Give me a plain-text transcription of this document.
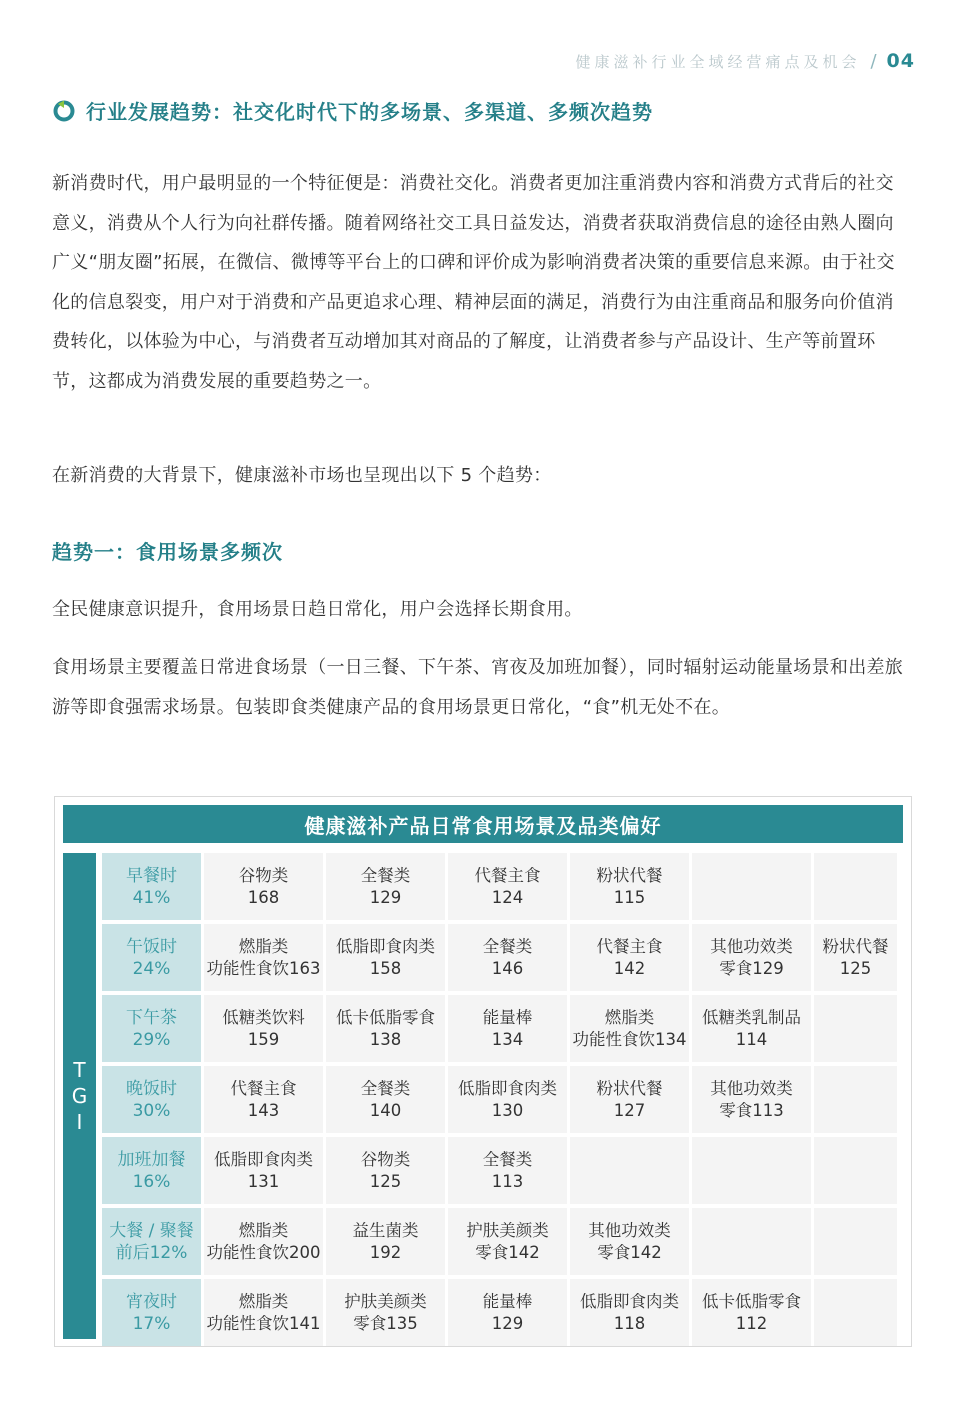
健康滋补行业全域经营痛点及机会 / 04
行业发展趋势：社交化时代下的多场景、多渠道、多频次趋势

新消费时代，用户最明显的一个特征便是：消费社交化。消费者更加注重消费内容和消费方式背后的社交意义，消费从个人行为向社群传播。随着网络社交工具日益发达，消费者获取消费信息的途径由熟人圈向广义“朋友圈”拓展，在微信、微博等平台上的口碑和评价成为影响消费者决策的重要信息来源。由于社交化的信息裂变，用户对于消费和产品更追求心理、精神层面的满足，消费行为由注重商品和服务向价值消费转化，以体验为中心，与消费者互动增加其对商品的了解度，让消费者参与产品设计、生产等前置环节，这都成为消费发展的重要趋势之一。

在新消费的大背景下，健康滋补市场也呈现出以下 5 个趋势：

趋势一：食用场景多频次

全民健康意识提升，食用场景日趋日常化，用户会选择长期食用。

食用场景主要覆盖日常进食场景（一日三餐、下午茶、宵夜及加班加餐），同时辐射运动能量场景和出差旅游等即食强需求场景。包装即食类健康产品的食用场景更日常化，“食”机无处不在。

健康滋补产品日常食用场景及品类偏好
T
G
I
早餐时
41%
谷物类
168
全餐类
129
代餐主食
124
粉状代餐
115
午饭时
24%
燃脂类
功能性食饮163
低脂即食肉类
158
全餐类
146
代餐主食
142
其他功效类
零食129
粉状代餐
125
下午茶
29%
低糖类饮料
159
低卡低脂零食
138
能量棒
134
燃脂类
功能性食饮134
低糖类乳制品
114
晚饭时
30%
代餐主食
143
全餐类
140
低脂即食肉类
130
粉状代餐
127
其他功效类
零食113
加班加餐
16%
低脂即食肉类
131
谷物类
125
全餐类
113
大餐 / 聚餐
前后12%
燃脂类
功能性食饮200
益生菌类
192
护肤美颜类
零食142
其他功效类
零食142
宵夜时
17%
燃脂类
功能性食饮141
护肤美颜类
零食135
能量棒
129
低脂即食肉类
118
低卡低脂零食
112
